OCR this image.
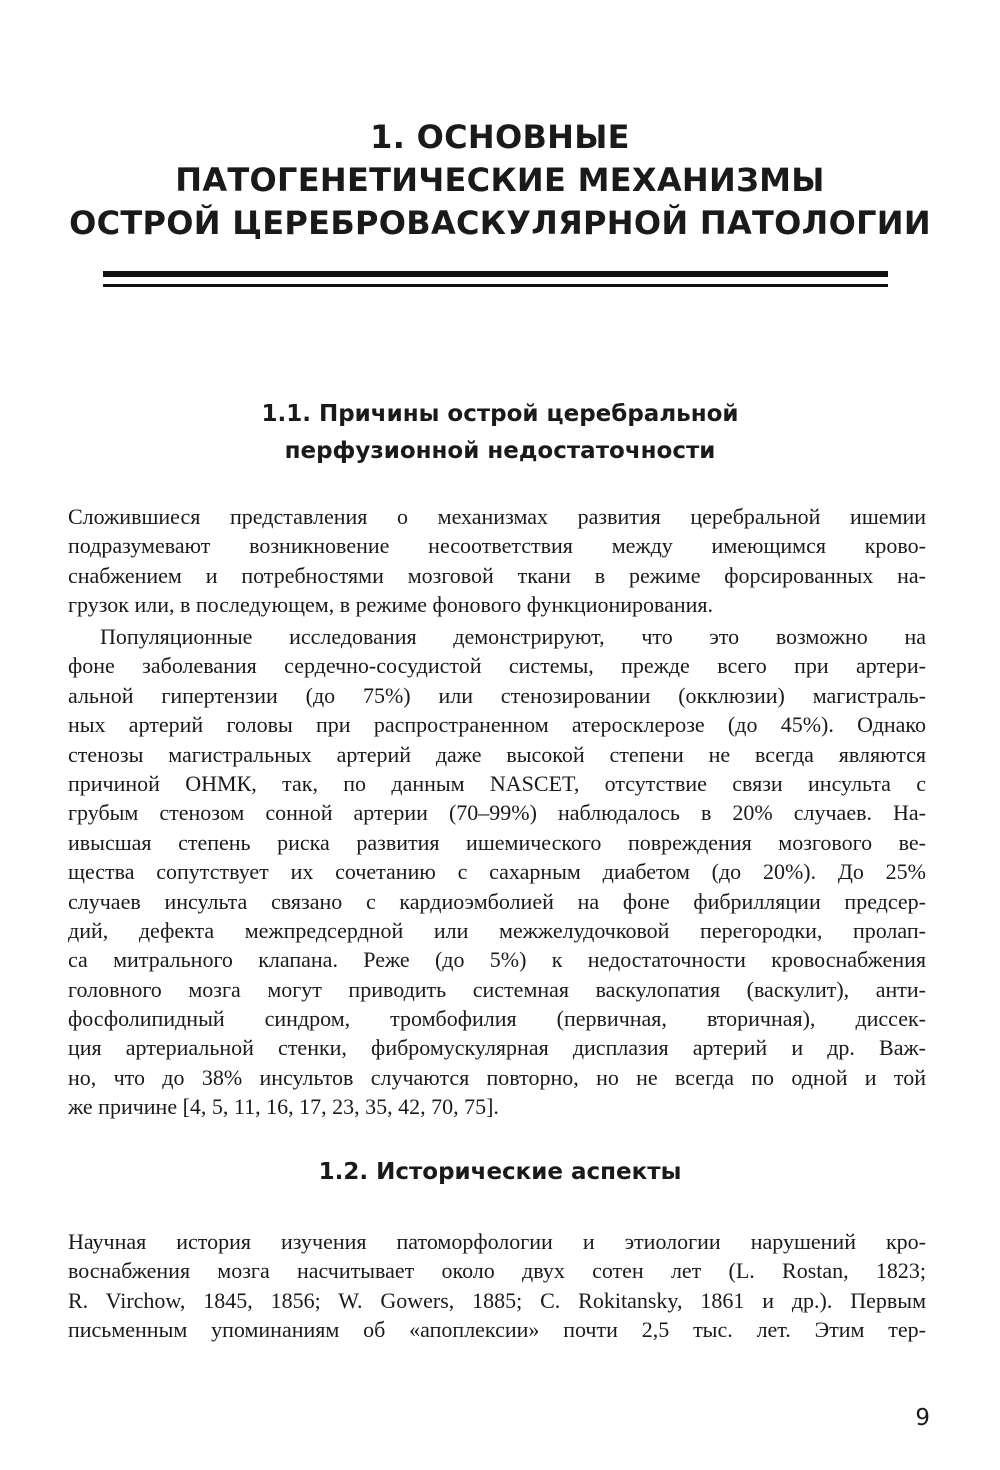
1. ОСНОВНЫЕ
ПАТОГЕНЕТИЧЕСКИЕ МЕХАНИЗМЫ
ОСТРОЙ ЦЕРЕБРОВАСКУЛЯРНОЙ ПАТОЛОГИИ
1.1. Причины острой церебральной
перфузионной недостаточности
Сложившиеся представления о механизмах развития церебральной ишемии
подразумевают возникновение несоответствия между имеющимся крово-
снабжением и потребностями мозговой ткани в режиме форсированных на-
грузок или, в последующем, в режиме фонового функционирования.
Популяционные исследования демонстрируют, что это возможно на
фоне заболевания сердечно-сосудистой системы, прежде всего при артери-
альной гипертензии (до 75%) или стенозировании (окклюзии) магистраль-
ных артерий головы при распространенном атеросклерозе (до 45%). Однако
стенозы магистральных артерий даже высокой степени не всегда являются
причиной ОНМК, так, по данным NASCET, отсутствие связи инсульта с
грубым стенозом сонной артерии (70–99%) наблюдалось в 20% случаев. На-
ивысшая степень риска развития ишемического повреждения мозгового ве-
щества сопутствует их сочетанию с сахарным диабетом (до 20%). До 25%
случаев инсульта связано с кардиоэмболией на фоне фибрилляции предсер-
дий, дефекта межпредсердной или межжелудочковой перегородки, пролап-
са митрального клапана. Реже (до 5%) к недостаточности кровоснабжения
головного мозга могут приводить системная васкулопатия (васкулит), анти-
фосфолипидный синдром, тромбофилия (первичная, вторичная), диссек-
ция артериальной стенки, фибромускулярная дисплазия артерий и др. Важ-
но, что до 38% инсультов случаются повторно, но не всегда по одной и той
же причине [4, 5, 11, 16, 17, 23, 35, 42, 70, 75].
1.2. Исторические аспекты
Научная история изучения патоморфологии и этиологии нарушений кро-
воснабжения мозга насчитывает около двух сотен лет (L. Rostan, 1823;
R. Virchow, 1845, 1856; W. Gowers, 1885; C. Rokitansky, 1861 и др.). Первым
письменным упоминаниям об «апоплексии» почти 2,5 тыс. лет. Этим тер-
9
